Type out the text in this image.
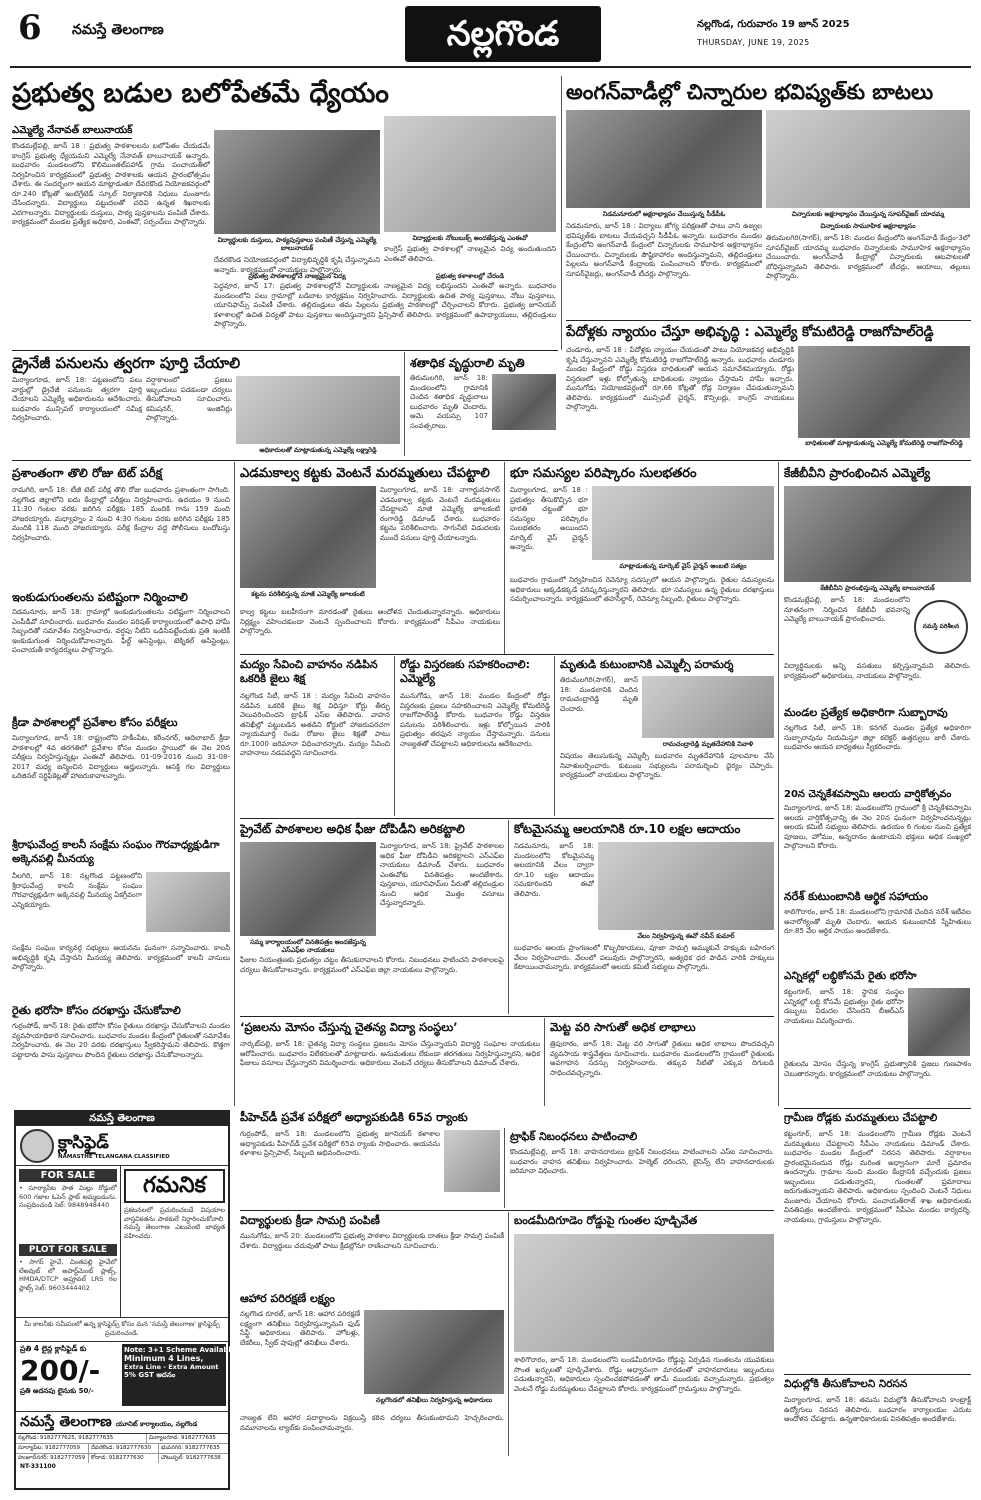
6 నమస్తే తెలంగాణ	నల్లగొండ	నల్లగొండ, గురువారం 19 జూన్ 2025
THURSDAY, JUNE 19, 2025
ప్రభుత్వ బడుల బలోపేతమే ధ్యేయం
ఎమ్మెల్యే నేనావత్ బాలునాయక్
కొండమల్లేపల్లి, జూన్ 18 : ప్రభుత్వ పాఠశాలలను బలోపేతం చేయడమే కాంగ్రెస్ ప్రభుత్వ ధ్యేయమని ఎమ్మెల్యే నేనావత్ బాలునాయక్ అన్నారు. బుధవారం మండలంలోని కొలిముంతల్‌పహాడ్ గ్రామ పంచాయతీలో నిర్వహించిన కార్యక్రమంలో ప్రభుత్వ పాఠశాలకు ఆయన ప్రారంభోత్సవం చేశారు. ఈ సందర్భంగా ఆయన మాట్లాడుతూ దేవరకొండ నియోజకవర్గంలో రూ.240 కోట్లతో ఇంటిగ్రేటెడ్ స్కూల్ నిర్మాణానికి నిధులు మంజూరు చేసిందన్నారు. విద్యార్థులు పట్టుదలతో చదివి ఉన్నత శిఖరాలకు ఎదగాలన్నారు. విద్యార్థులకు దుస్తులు, పాఠ్య పుస్తకాలను పంపిణీ చేశారు. కార్యక్రమంలో మండల ప్రత్యేక అధికారి, ఎంఈవో, సర్పంచ్‌లు పాల్గొన్నారు.
విద్యార్థులకు దుస్తులు, పాఠ్యపుస్తకాలు పంపిణీ చేస్తున్న ఎమ్మెల్యే బాలునాయక్
దేవరకొండ నియోజకవర్గంలో విద్యాభివృద్ధికి కృషి చేస్తున్నామని అన్నారు. కార్యక్రమంలో నాయకులు పాల్గొన్నారు.
విద్యార్థులకు నోటుబుక్స్ అందజేస్తున్న ఎంఈవో
కాంగ్రెస్ ప్రభుత్వ పాఠశాలల్లో నాణ్యమైన విద్య అందుతుందని ఎంఈవో తెలిపారు.
ప్రభుత్వ పాఠశాలల్లోనే నాణ్యమైన విద్య	ప్రభుత్వ కళాశాలల్లో చేరండి
పెద్దవూర, జూన్ 17: ప్రభుత్వ పాఠశాలల్లోనే విద్యార్థులకు నాణ్యమైన విద్య లభిస్తుందని ఎంఈవో అన్నారు. బుధవారం మండలంలోని పలు గ్రామాల్లో బడిబాట కార్యక్రమం నిర్వహించారు. విద్యార్థులకు ఉచిత పాఠ్య పుస్తకాలు, నోటు పుస్తకాలు, యూనిఫామ్స్ పంపిణీ చేశారు. తల్లిదండ్రులు తమ పిల్లలను ప్రభుత్వ పాఠశాలల్లో చేర్పించాలని కోరారు. ప్రభుత్వ జూనియర్ కళాశాలల్లో ఉచిత విద్యతో పాటు పుస్తకాలు అందిస్తున్నారని ప్రిన్సిపాల్ తెలిపారు. కార్యక్రమంలో ఉపాధ్యాయులు, తల్లిదండ్రులు పాల్గొన్నారు.
అంగన్‌వాడీల్లో చిన్నారుల భవిష్యత్‌కు బాటలు
నిడమనూరులో అక్షరాభ్యాసం చేయిస్తున్న సీడీపీఓ	చిన్నారులకు అక్షరాభ్యాసం చేయిస్తున్న సూపర్‌వైజర్ యాదమ్మ
చిన్నారులకు సామూహిక అక్షరాభ్యాసం
నిడమనూరు, జూన్ 18 : విద్యాలు జోగ్య పరిక్షణతో పాటు వాని ఉజ్వల భవిష్యత్‌కు బాటలు వేయవచ్చని సీడీపీఓ అన్నారు. బుధవారం మండల కేంద్రంలోని అంగన్‌వాడీ కేంద్రంలో చిన్నారులకు సామూహిక అక్షరాభ్యాసం చేయించారు. చిన్నారులకు పౌష్టికాహారం అందిస్తున్నామని, తల్లిదండ్రులు పిల్లలను అంగన్‌వాడీ కేంద్రాలకు పంపించాలని కోరారు. కార్యక్రమంలో సూపర్‌వైజర్లు, అంగన్‌వాడీ టీచర్లు పాల్గొన్నారు.
తిరుమలగిరి(సాగర్), జూన్ 18: మండల కేంద్రంలోని అంగన్‌వాడీ కేంద్రం-3లో సూపర్‌వైజర్ యాదమ్మ బుధవారం చిన్నారులకు సామూహిక అక్షరాభ్యాసం చేయించారు. అంగన్‌వాడీ కేంద్రాల్లో చిన్నారులకు ఆటపాటలతో బోధిస్తున్నామని తెలిపారు. కార్యక్రమంలో టీచర్లు, ఆయాలు, తల్లులు పాల్గొన్నారు.
పేదోళ్లకు న్యాయం చేస్తూ అభివృద్ధి : ఎమ్మెల్యే కోమటిరెడ్డి రాజగోపాల్‌రెడ్డి
చండూరు, జూన్ 18 : పేదోళ్లకు న్యాయం చేయడంతో పాటు నియోజకవర్గ అభివృద్ధికి కృషి చేస్తున్నానని ఎమ్మెల్యే కోమటిరెడ్డి రాజగోపాల్‌రెడ్డి అన్నారు. బుధవారం చండూరు మండల కేంద్రంలో రోడ్డు విస్తరణ బాధితులతో ఆయన సమావేశమయ్యారు. రోడ్డు విస్తరణలో ఇళ్లు కోల్పోతున్న బాధితులకు న్యాయం చేస్తామని హామీ ఇచ్చారు. మునుగోడు నియోజకవర్గంలో రూ.66 కోట్లతో రోడ్ల నిర్మాణం చేపడుతున్నామని తెలిపారు. కార్యక్రమంలో మున్సిపల్ చైర్మన్, కౌన్సిలర్లు, కాంగ్రెస్ నాయకులు పాల్గొన్నారు.
బాధితులతో మాట్లాడుతున్న ఎమ్మెల్యే కోమటిరెడ్డి రాజగోపాల్‌రెడ్డి
డ్రైనేజీ పనులను త్వరగా పూర్తి చేయాలి
మిర్యాలగూడ, జూన్ 18: పట్టణంలోని పలు వార్డుల్లో డ్రైనేజీ పనులను త్వరగా పూర్తి చేయాలని ఎమ్మెల్యే అధికారులను ఆదేశించారు. బుధవారం మున్సిపల్ కార్యాలయంలో సమీక్ష నిర్వహించారు.
వర్షాకాలంలో ప్రజలు ఇబ్బందులు పడకుండా చర్యలు తీసుకోవాలని సూచించారు. కమిషనర్, ఇంజినీర్లు పాల్గొన్నారు.
అధికారులతో మాట్లాడుతున్న ఎమ్మెల్యే లక్ష్మారెడ్డి
శతాధిక వృద్ధురాలి మృతి
తిరుమలగిరి, జూన్ 18: మండలంలోని గ్రామానికి చెందిన శతాధిక వృద్ధురాలు బుధవారం మృతి చెందారు. ఆమె వయస్సు 107 సంవత్సరాలు.
ప్రశాంతంగా తొలి రోజు టెట్ పరీక్ష
రామగిరి, జూన్ 18: టీజీ టెట్ పరీక్ష తొలి రోజు బుధవారం ప్రశాంతంగా సాగింది. నల్లగొండ జిల్లాలోని ఐదు కేంద్రాల్లో పరీక్షలు నిర్వహించారు. ఉదయం 9 నుంచి 11:30 గంటల వరకు జరిగిన పరీక్షకు 185 మందికి గాను 159 మంది హాజరయ్యారు. మధ్యాహ్నం 2 నుంచి 4:30 గంటల వరకు జరిగిన పరీక్షకు 185 మందికి 118 మంది హాజరయ్యారు. పరీక్ష కేంద్రాల వద్ద పోలీసులు బందోబస్తు నిర్వహించారు.
ఇంకుడుగుంతలను పటిష్టంగా నిర్మించాలి
నిడమనూరు, జూన్ 18: గ్రామాల్లో ఇంకుడుగుంతలను పటిష్టంగా నిర్మించాలని ఎంపీడీవో సూచించారు. బుధవారం మండల పరిషత్ కార్యాలయంలో ఉపాధి హామీ సిబ్బందితో సమావేశం నిర్వహించారు. వర్షపు నీటిని ఒడిసిపట్టేందుకు ప్రతి ఇంటికీ ఇంకుడుగుంత నిర్మించుకోవాలన్నారు. ఫీల్డ్ అసిస్టెంట్లు, టెక్నికల్ అసిస్టెంట్లు, పంచాయతీ కార్యదర్శులు పాల్గొన్నారు.
క్రీడా పాఠశాలల్లో ప్రవేశాల కోసం పరీక్షలు
మిర్యాలగూడ, జూన్ 18: రాష్ట్రంలోని హకీంపేట, కరీంనగర్, ఆదిలాబాద్ క్రీడా పాఠశాలల్లో 4వ తరగతిలో ప్రవేశాల కోసం మండల స్థాయిలో ఈ నెల 20న పరీక్షలు నిర్వహిస్తున్నట్లు ఎంఈవో తెలిపారు. 01-09-2016 నుంచి 31-08-2017 మధ్య జన్మించిన విద్యార్థులు అర్హులన్నారు. ఆసక్తి గల విద్యార్థులు ఒరిజినల్ సర్టిఫికెట్లతో హాజరుకావాలన్నారు.
శ్రీరాఘవేంద్ర కాలనీ సంక్షేమ సంఘం గౌరవాధ్యక్షుడిగా అక్కెనపల్లి మీనయ్య
నీలగిరి, జూన్ 18: నల్లగొండ పట్టణంలోని శ్రీరాఘవేంద్ర కాలనీ సంక్షేమ సంఘం గౌరవాధ్యక్షుడిగా అక్కెనపల్లి మీనయ్య ఏకగ్రీవంగా ఎన్నికయ్యారు.
సంక్షేమ సంఘం కార్యవర్గ సభ్యులు ఆయనను ఘనంగా సన్మానించారు. కాలనీ అభివృద్ధికి కృషి చేస్తానని మీనయ్య తెలిపారు. కార్యక్రమంలో కాలనీ వాసులు పాల్గొన్నారు.
రైతు భరోసా కోసం దరఖాస్తు చేసుకోవాలి
గుర్రంపోడ్, జూన్ 18: రైతు భరోసా కోసం రైతులు దరఖాస్తు చేసుకోవాలని మండల వ్యవసాయాధికారి సూచించారు. బుధవారం మండల కేంద్రంలో రైతులతో సమావేశం నిర్వహించారు. ఈ నెల 20 వరకు దరఖాస్తులు స్వీకరిస్తామని తెలిపారు. కొత్తగా పట్టాదారు పాసు పుస్తకాలు పొందిన రైతులు దరఖాస్తు చేసుకోవాలన్నారు.
ఎడమకాల్వ కట్టకు వెంటనే మరమ్మతులు చేపట్టాలి
కట్టను పరిశీలిస్తున్న మాజీ ఎమ్మెల్యే జూలకంటి
మిర్యాలగూడ, జూన్ 18: నాగార్జునసాగర్ ఎడమకాల్వ కట్టకు వెంటనే మరమ్మతులు చేపట్టాలని మాజీ ఎమ్మెల్యే జూలకంటి రంగారెడ్డి డిమాండ్ చేశారు. బుధవారం కట్టను పరిశీలించారు. సాగునీటి విడుదలకు ముందే పనులు పూర్తి చేయాలన్నారు.
కాల్వ కట్టలు బలహీనంగా మారడంతో రైతులు ఆందోళన చెందుతున్నారన్నారు. అధికారులు నిర్లక్ష్యం వహించకుండా వెంటనే స్పందించాలని కోరారు. కార్యక్రమంలో సీపీఎం నాయకులు పాల్గొన్నారు.
భూ సమస్యల పరిష్కారం సులభతరం
మిర్యాలగూడ, జూన్ 18 : ప్రభుత్వం తీసుకొచ్చిన భూ భారతి చట్టంతో భూ సమస్యల పరిష్కారం సులభతరం అయిందని మార్కెట్ వైస్ చైర్మన్ అన్నారు.
మాట్లాడుతున్న మార్కెట్ వైస్ చైర్మన్ అంబటి సత్యం
బుధవారం గ్రామంలో నిర్వహించిన రెవెన్యూ సదస్సులో ఆయన పాల్గొన్నారు. రైతుల సమస్యలను అధికారులు అక్కడికక్కడే పరిష్కరిస్తున్నారని తెలిపారు. భూ సమస్యలు ఉన్న రైతులు దరఖాస్తులు సమర్పించాలన్నారు. కార్యక్రమంలో తహసీల్దార్, రెవెన్యూ సిబ్బంది, రైతులు పాల్గొన్నారు.
కేజీబీవీని ప్రారంభించిన ఎమ్మెల్యే
కేజీబీవీని ప్రారంభిస్తున్న ఎమ్మెల్యే బాలునాయక్
కొండమల్లేపల్లి, జూన్ 18: మండలంలోని నూతనంగా నిర్మించిన కేజీబీవీ భవనాన్ని ఎమ్మెల్యే బాలునాయక్ ప్రారంభించారు.
నమస్తే పరిశీలన
విద్యార్థినులకు అన్ని వసతులు కల్పిస్తున్నామని తెలిపారు. కార్యక్రమంలో అధికారులు, నాయకులు పాల్గొన్నారు.
మండల ప్రత్యేక అధికారిగా సుబ్బారావు
నల్లగొండ సిటీ, జూన్ 18: కనగల్ మండల ప్రత్యేక అధికారిగా సుబ్బారావును నియమిస్తూ జిల్లా కలెక్టర్ ఉత్తర్వులు జారీ చేశారు. బుధవారం ఆయన బాధ్యతలు స్వీకరించారు.
20న చెన్నకేశవస్వామి ఆలయ వార్షికోత్సవం
మిర్యాలగూడ, జూన్ 18: మండలంలోని గ్రామంలో శ్రీ చెన్నకేశవస్వామి ఆలయ వార్షికోత్సవాన్ని ఈ నెల 20న ఘనంగా నిర్వహించనున్నట్లు ఆలయ కమిటీ సభ్యులు తెలిపారు. ఉదయం 6 గంటల నుంచి ప్రత్యేక పూజలు, హోమం, అన్నదానం ఉంటాయని భక్తులు అధిక సంఖ్యలో పాల్గొనాలని కోరారు.
నరేశ్ కుటుంబానికి ఆర్థిక సహాయం
శాలిగౌరారం, జూన్ 18: మండలంలోని గ్రామానికి చెందిన నరేశ్ ఇటీవల అనారోగ్యంతో మృతి చెందారు. ఆయన కుటుంబానికి స్నేహితులు రూ.85 వేల ఆర్థిక సాయం అందజేశారు.
ఎన్నికల్లో లబ్ధికోసమే రైతు భరోసా
కట్టంగూర్, జూన్ 18: స్థానిక సంస్థల ఎన్నికల్లో లబ్ధి కోసమే ప్రభుత్వం రైతు భరోసా డబ్బులు విడుదల చేసిందని బీఆర్‌ఎస్ నాయకులు విమర్శించారు.
రైతులను మోసం చేస్తున్న కాంగ్రెస్ ప్రభుత్వానికి ప్రజలు గుణపాఠం చెబుతారన్నారు. కార్యక్రమంలో నాయకులు పాల్గొన్నారు.
మద్యం సేవించి వాహనం నడిపిన ఒకరికి జైలు శిక్ష
నల్లగొండ సిటీ, జూన్ 18 : మద్యం సేవించి వాహనం నడిపిన ఒకరికి జైలు శిక్ష విధిస్తూ కోర్టు తీర్పు వెలువరించిందని ట్రాఫిక్ ఎస్‌ఐ తెలిపారు. వాహన తనిఖీల్లో పట్టుబడిన అతడిని కోర్టులో హాజరుపరచగా న్యాయమూర్తి రెండు రోజుల జైలు శిక్షతో పాటు రూ.1000 జరిమానా విధించారన్నారు. మద్యం సేవించి వాహనాలు నడపవద్దని సూచించారు.
రోడ్డు విస్తరణకు సహకరించాలి: ఎమ్మెల్యే
మునుగోడు, జూన్ 18: మండల కేంద్రంలో రోడ్డు విస్తరణకు ప్రజలు సహకరించాలని ఎమ్మెల్యే కోమటిరెడ్డి రాజగోపాల్‌రెడ్డి కోరారు. బుధవారం రోడ్డు విస్తరణ పనులను పరిశీలించారు. ఇళ్లు కోల్పోయిన వారికి ప్రభుత్వం తరఫున న్యాయం చేస్తామన్నారు. పనులు నాణ్యతతో చేపట్టాలని అధికారులను ఆదేశించారు.
మృతుడి కుటుంబానికి ఎమ్మెల్సీ పరామర్శ
తిరుమలగిరి(సాగర్), జూన్ 18: మండలానికి చెందిన రామచంద్రారెడ్డి మృతి చెందారు.
రామచంద్రారెడ్డి మృతదేహానికి నివాళి
విషయం తెలుసుకున్న ఎమ్మెల్సీ బుధవారం మృతదేహానికి పూలమాల వేసి నివాళులర్పించారు. కుటుంబ సభ్యులను పరామర్శించి ధైర్యం చెప్పారు. కార్యక్రమంలో నాయకులు పాల్గొన్నారు.
ప్రైవేట్ పాఠశాలల అధిక ఫీజు దోపిడీని అరికట్టాలి
సమ్మ కార్యాలయంలో వినతిపత్రం అందజేస్తున్న ఎస్‌ఎఫ్‌ఐ నాయకులు
మిర్యాలగూడ, జూన్ 18: ప్రైవేట్ పాఠశాలల అధిక ఫీజు దోపిడీని అరికట్టాలని ఎస్‌ఎఫ్‌ఐ నాయకులు డిమాండ్ చేశారు. బుధవారం ఎంఈవోకు వినతిపత్రం అందజేశారు. పుస్తకాలు, యూనిఫామ్‌ల పేరుతో తల్లిదండ్రుల నుంచి అధిక మొత్తం వసూలు చేస్తున్నారన్నారు.
ఫీజుల నియంత్రణకు ప్రభుత్వం చట్టం తీసుకురావాలని కోరారు. నిబంధనలు పాటించని పాఠశాలలపై చర్యలు తీసుకోవాలన్నారు. కార్యక్రమంలో ఎస్‌ఎఫ్‌ఐ జిల్లా నాయకులు పాల్గొన్నారు.
కోటమైసమ్మ ఆలయానికి రూ.10 లక్షల ఆదాయం
నిడమనూరు, జూన్ 18: మండలంలోని కోటమైసమ్మ ఆలయానికి వేలం ద్వారా రూ.10 లక్షల ఆదాయం సమకూరిందని ఈవో తెలిపారు.
వేలం నిర్వహిస్తున్న ఈవో నవీన్ కుమార్
బుధవారం ఆలయ ప్రాంగణంలో కొబ్బరికాయలు, పూజా సామగ్రి అమ్ముకునే హక్కుకు బహిరంగ వేలం నిర్వహించారు. వేలంలో పలువురు పాల్గొన్నారని, అత్యధిక ధర పాడిన వారికి హక్కులు కేటాయించామన్నారు. కార్యక్రమంలో ఆలయ కమిటీ సభ్యులు పాల్గొన్నారు.
‘ప్రజలను మోసం చేస్తున్న చైతన్య విద్యా సంస్థలు’
నార్కట్‌పల్లి, జూన్ 18: చైతన్య విద్యా సంస్థలు ప్రజలను మోసం చేస్తున్నాయని విద్యార్థి సంఘాల నాయకులు ఆరోపించారు. బుధవారం విలేకరులతో మాట్లాడారు. అనుమతులు లేకుండా తరగతులు నిర్వహిస్తున్నారని, అధిక ఫీజులు వసూలు చేస్తున్నారని విమర్శించారు. అధికారులు వెంటనే చర్యలు తీసుకోవాలని డిమాండ్ చేశారు.
మెట్ట వరి సాగుతో అధిక లాభాలు
త్రిపురారం, జూన్ 18: మెట్ట వరి సాగుతో రైతులు అధిక లాభాలు పొందవచ్చని వ్యవసాయ శాస్త్రవేత్తలు సూచించారు. బుధవారం మండలంలోని గ్రామంలో రైతులకు అవగాహన సదస్సు నిర్వహించారు. తక్కువ నీటితో ఎక్కువ దిగుబడి సాధించవచ్చన్నారు.
పీహెచ్‌డీ ప్రవేశ పరీక్షలో అధ్యాపకుడికి 65వ ర్యాంకు
గుర్రంపోడ్, జూన్ 18: మండలంలోని ప్రభుత్వ జూనియర్ కళాశాల అధ్యాపకుడు పీహెచ్‌డీ ప్రవేశ పరీక్షలో 65వ ర్యాంకు సాధించారు. ఆయనను కళాశాల ప్రిన్సిపాల్, సిబ్బంది అభినందించారు.
ట్రాఫిక్ నిబంధనలు పాటించాలి
కొండమల్లేపల్లి, జూన్ 18: వాహనదారులు ట్రాఫిక్ నిబంధనలు పాటించాలని ఎస్‌ఐ సూచించారు. బుధవారం వాహన తనిఖీలు నిర్వహించారు. హెల్మెట్ ధరించని, లైసెన్స్ లేని వాహనదారులకు జరిమానా విధించారు.
విద్యార్థులకు క్రీడా సామగ్రి పంపిణీ
మునుగోడు, జూన్ 20: మండలంలోని ప్రభుత్వ పాఠశాల విద్యార్థులకు దాతలు క్రీడా సామగ్రి పంపిణీ చేశారు. విద్యార్థులు చదువుతో పాటు క్రీడల్లోనూ రాణించాలని సూచించారు.
ఆహార పరిరక్షణే లక్ష్యం
నల్లగొండ రూరల్, జూన్ 18: ఆహార పరిరక్షణే లక్ష్యంగా తనిఖీలు నిర్వహిస్తున్నామని ఫుడ్ సేఫ్టీ అధికారులు తెలిపారు. హోటళ్లు, బేకరీలు, స్వీట్ షాపుల్లో తనిఖీలు చేశారు.
నల్లగొండలో తనిఖీలు నిర్వహిస్తున్న అధికారులు
నాణ్యత లేని ఆహార పదార్థాలను విక్రయిస్తే కఠిన చర్యలు తీసుకుంటామని హెచ్చరించారు. నమూనాలను ల్యాబ్‌కు పంపించామన్నారు.
బండమీదిగూడెం రోడ్డుపై గుంతల పూడ్చివేత
శాలిగౌరారం, జూన్ 18: మండలంలోని బండమీదిగూడెం రోడ్డుపై ఏర్పడిన గుంతలను యువకులు సొంత ఖర్చులతో పూడ్చివేశారు. రోడ్డు అధ్వానంగా మారడంతో వాహనదారులు ఇబ్బందులు పడుతున్నారని, అధికారులు స్పందించకపోవడంతో తామే ముందుకు వచ్చామన్నారు. ప్రభుత్వం వెంటనే రోడ్డు మరమ్మతులు చేపట్టాలని కోరారు. కార్యక్రమంలో గ్రామస్తులు పాల్గొన్నారు.
గ్రామీణ రోడ్లకు మరమ్మతులు చేపట్టాలి
కట్టంగూర్, జూన్ 18: మండలంలోని గ్రామీణ రోడ్లకు వెంటనే మరమ్మతులు చేపట్టాలని సీపీఎం నాయకులు డిమాండ్ చేశారు. బుధవారం మండల కేంద్రంలో నిరసన తెలిపారు. వర్షాకాలం ప్రారంభమైనందున రోడ్లు మరింత అధ్వానంగా మారే ప్రమాదం ఉందన్నారు. గ్రామాల నుంచి మండల కేంద్రానికి వచ్చేందుకు ప్రజలు ఇబ్బందులు పడుతున్నారని, గుంతలతో ప్రమాదాలు జరుగుతున్నాయని తెలిపారు. అధికారులు స్పందించి వెంటనే నిధులు మంజూరు చేయాలని కోరారు. పంచాయతీరాజ్ శాఖ అధికారులకు వినతిపత్రం అందజేశారు. కార్యక్రమంలో సీపీఎం మండల కార్యదర్శి, నాయకులు, గ్రామస్తులు పాల్గొన్నారు.
విధుల్లోకి తీసుకోవాలని నిరసన
మిర్యాలగూడ, జూన్ 18: తమను విధుల్లోకి తీసుకోవాలని కాంట్రాక్ట్ ఉద్యోగులు నిరసన తెలిపారు. బుధవారం కార్యాలయం ఎదుట ఆందోళన చేపట్టారు. ఉన్నతాధికారులకు వినతిపత్రం అందజేశారు.
నమస్తే తెలంగాణ
క్లాసిఫైడ్
NAMASTHE TELANGANA CLASSIFIED
FOR SALE
• సూర్యాపేట పాత మిల్లు రోడ్డులో 600 గజాల ఓపెన్ ప్లాట్ అమ్మబడును. సంప్రదించండి సెల్: 9848948440
PLOT FOR SALE
• సాగర్ హైవే, చింతపల్లి హైవేలో లేఅవుట్ లో అపార్ట్‌మెంట్ ప్లాట్స్, HMDA/DTCP అప్రూవల్ LRS గల ప్లాట్స్ సెల్: 9603444402
గమనిక
ప్రకటనలలో ప్రచురించబడే విషయాల వాస్తవికతను పాఠకులే నిర్ధారించుకోవాలి. నమస్తే తెలంగాణ ఎటువంటి బాధ్యత వహించదు.
మీ కాలనీకు సమీపంలో ఉన్న క్లాసిఫైడ్స్ కోసం మన 'నమస్తే తెలంగాణ' క్లాసిఫైడ్స్ ప్రచురించండి.
ప్రతి 4 లైన్ల క్లాసిఫైడ్ కు
200/-
ప్రతి అదనపు లైనుకు 50/-
Note: 3+1 Scheme Available
Minimum 4 Lines,
Extra Line - Extra Amount
5% GST అదనం
నమస్తే తెలంగాణ యూనిట్ కార్యాలయం, నల్లగొండ
నల్లగొండ: 9182777625, 9182777635	మిర్యాలగూడ: 9182777635
సూర్యాపేట: 9182777059	దేవరకొండ: 9182777630	భువనగిరి: 9182777635
హుజూర్‌నగర్: 9182777059	కోదాడ: 9182777630	చౌటుప్పల్: 9182777638
NT-331100
